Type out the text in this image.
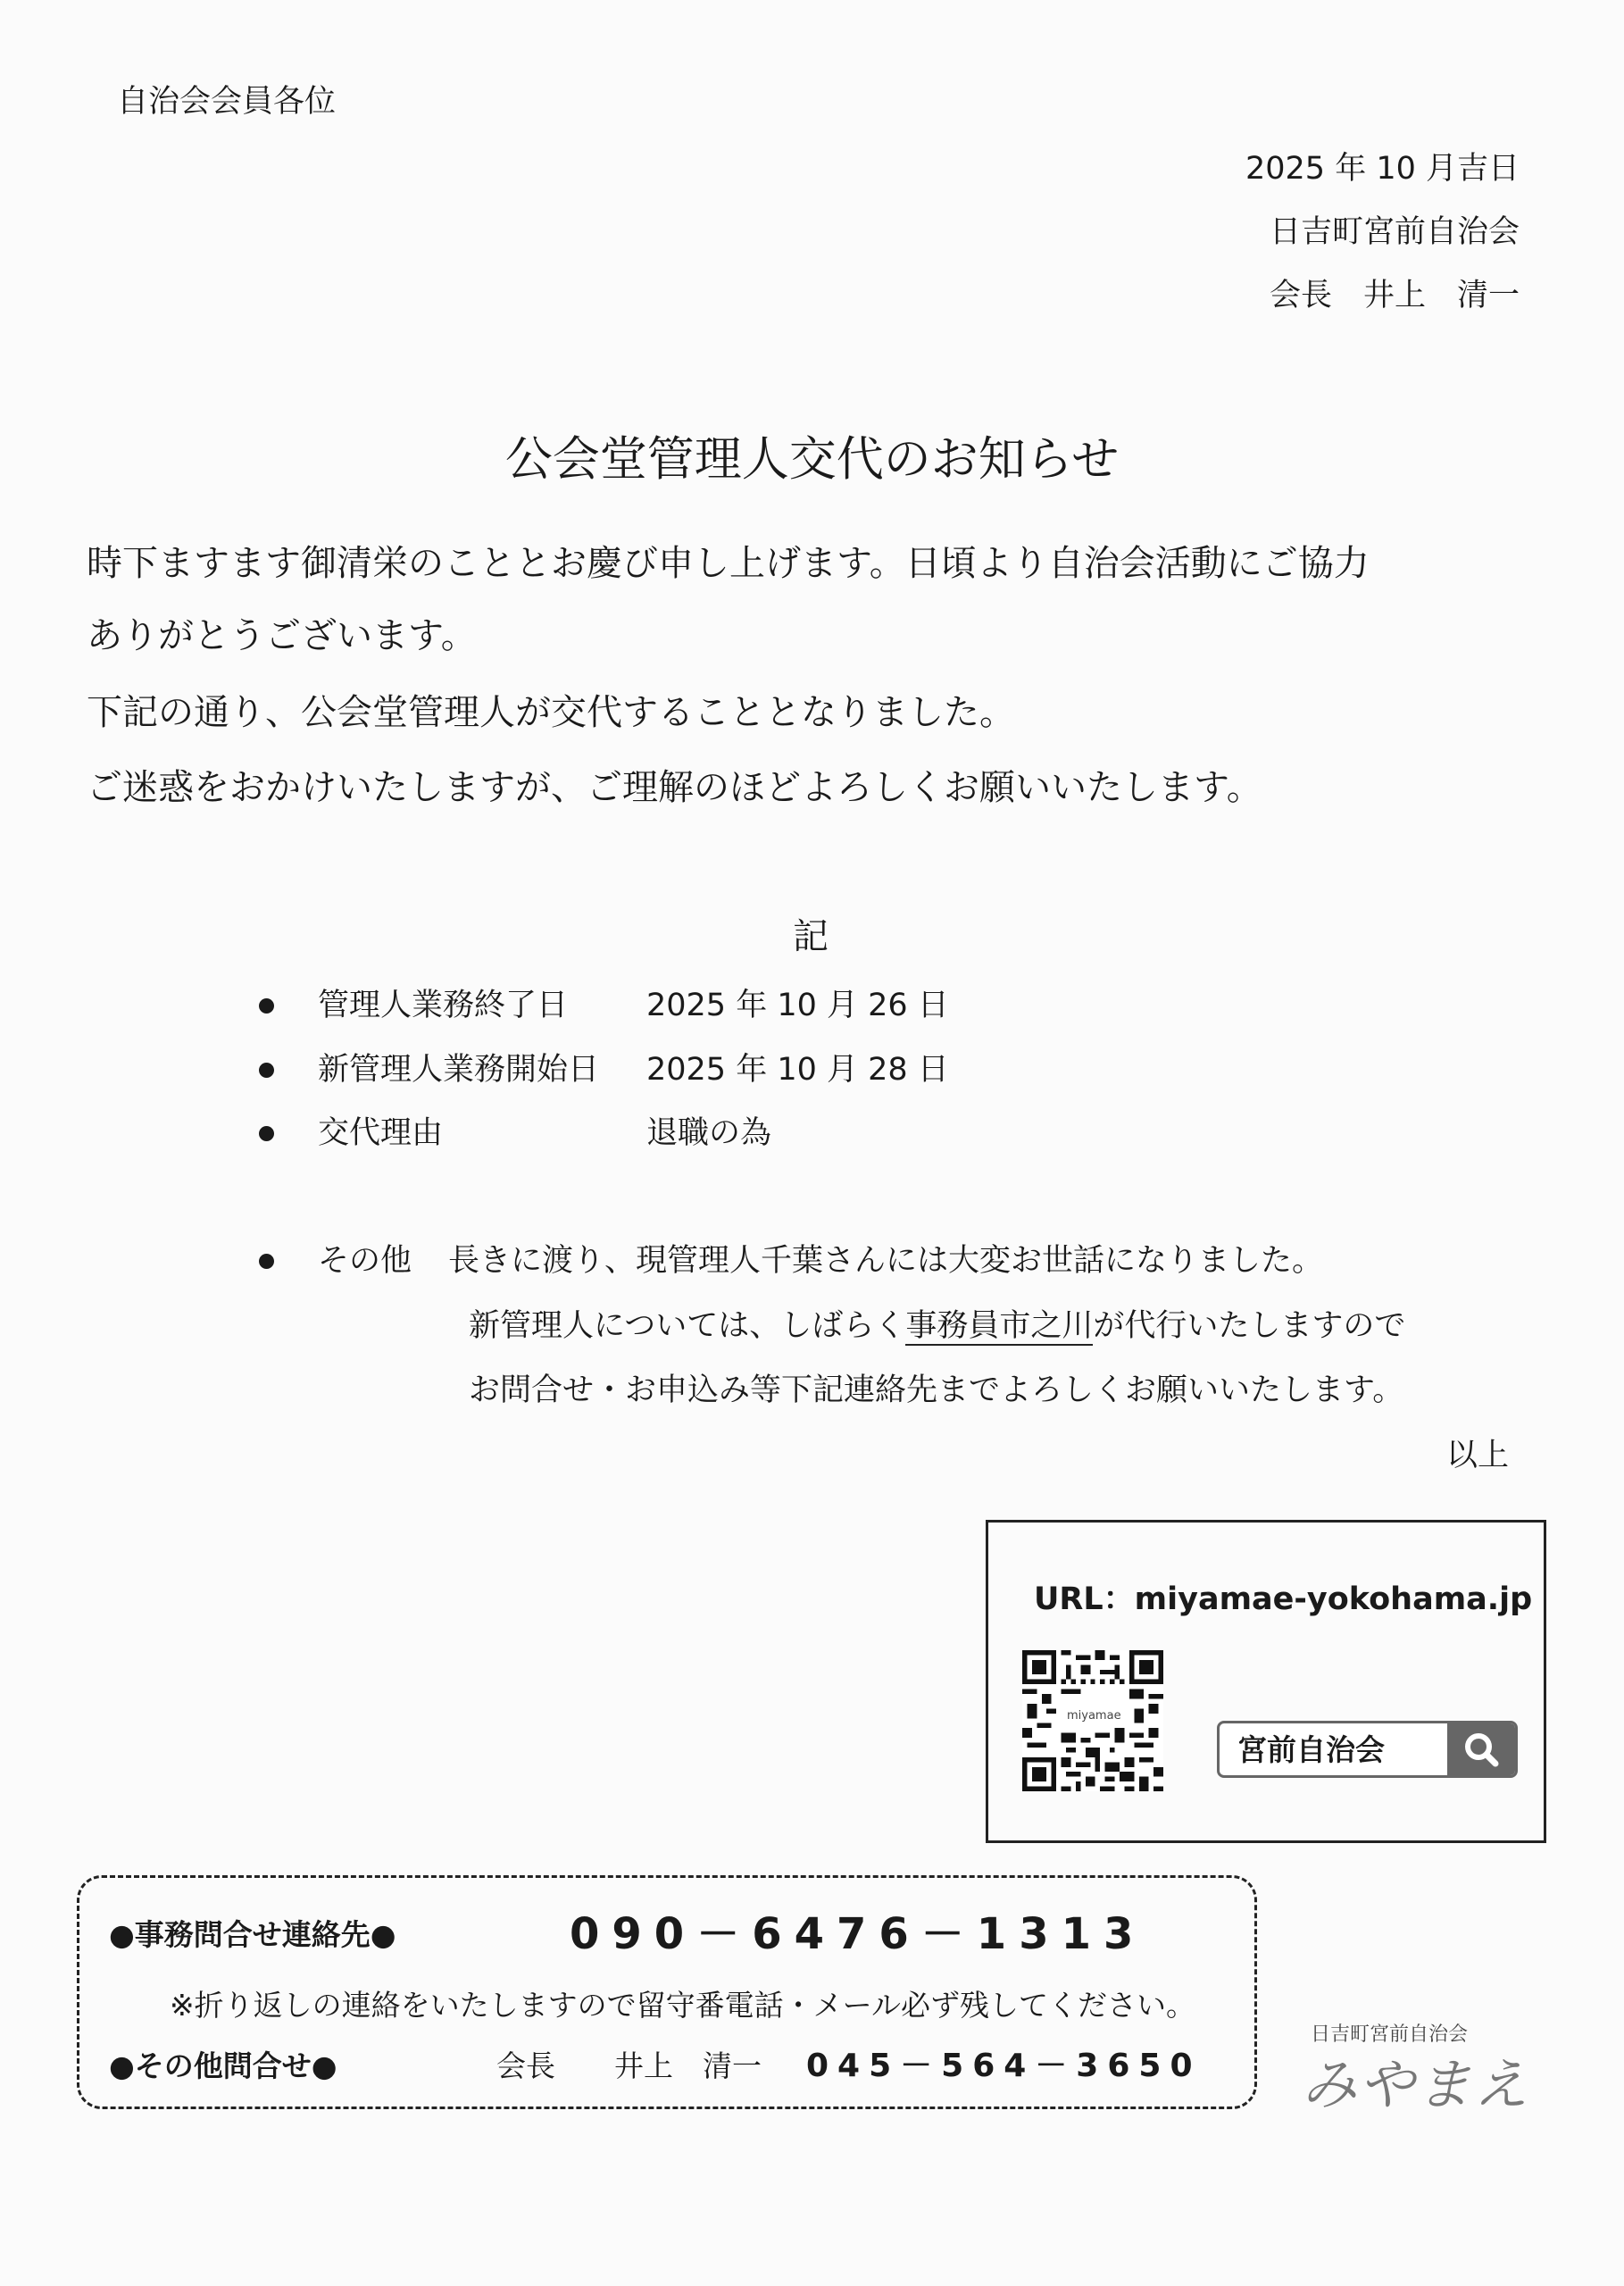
自治会会員各位
2025 年 10 月吉日
日吉町宮前自治会
会長　井上　清一
公会堂管理人交代のお知らせ
時下ますます御清栄のこととお慶び申し上げます。日頃より自治会活動にご協力
ありがとうございます。
下記の通り、公会堂管理人が交代することとなりました。
ご迷惑をおかけいたしますが、ご理解のほどよろしくお願いいたします。
記
管理人業務終了日	2025 年 10 月 26 日
新管理人業務開始日 2025 年 10 月 28 日
交代理由	退職の為
その他 長きに渡り、現管理人千葉さんには大変お世話になりました。
新管理人については、しばらく事務員市之川が代行いたしますので
お問合せ・お申込み等下記連絡先までよろしくお願いいたします。
以上
URL：miyamae-yokohama.jp
miyamae
宮前自治会
●事務問合せ連絡先●	090－6476－1313
※折り返しの連絡をいたしますので留守番電話・メール必ず残してください。
●その他問合せ●	会長　　井上　清一 045－564－3650
日吉町宮前自治会
みやまえ
